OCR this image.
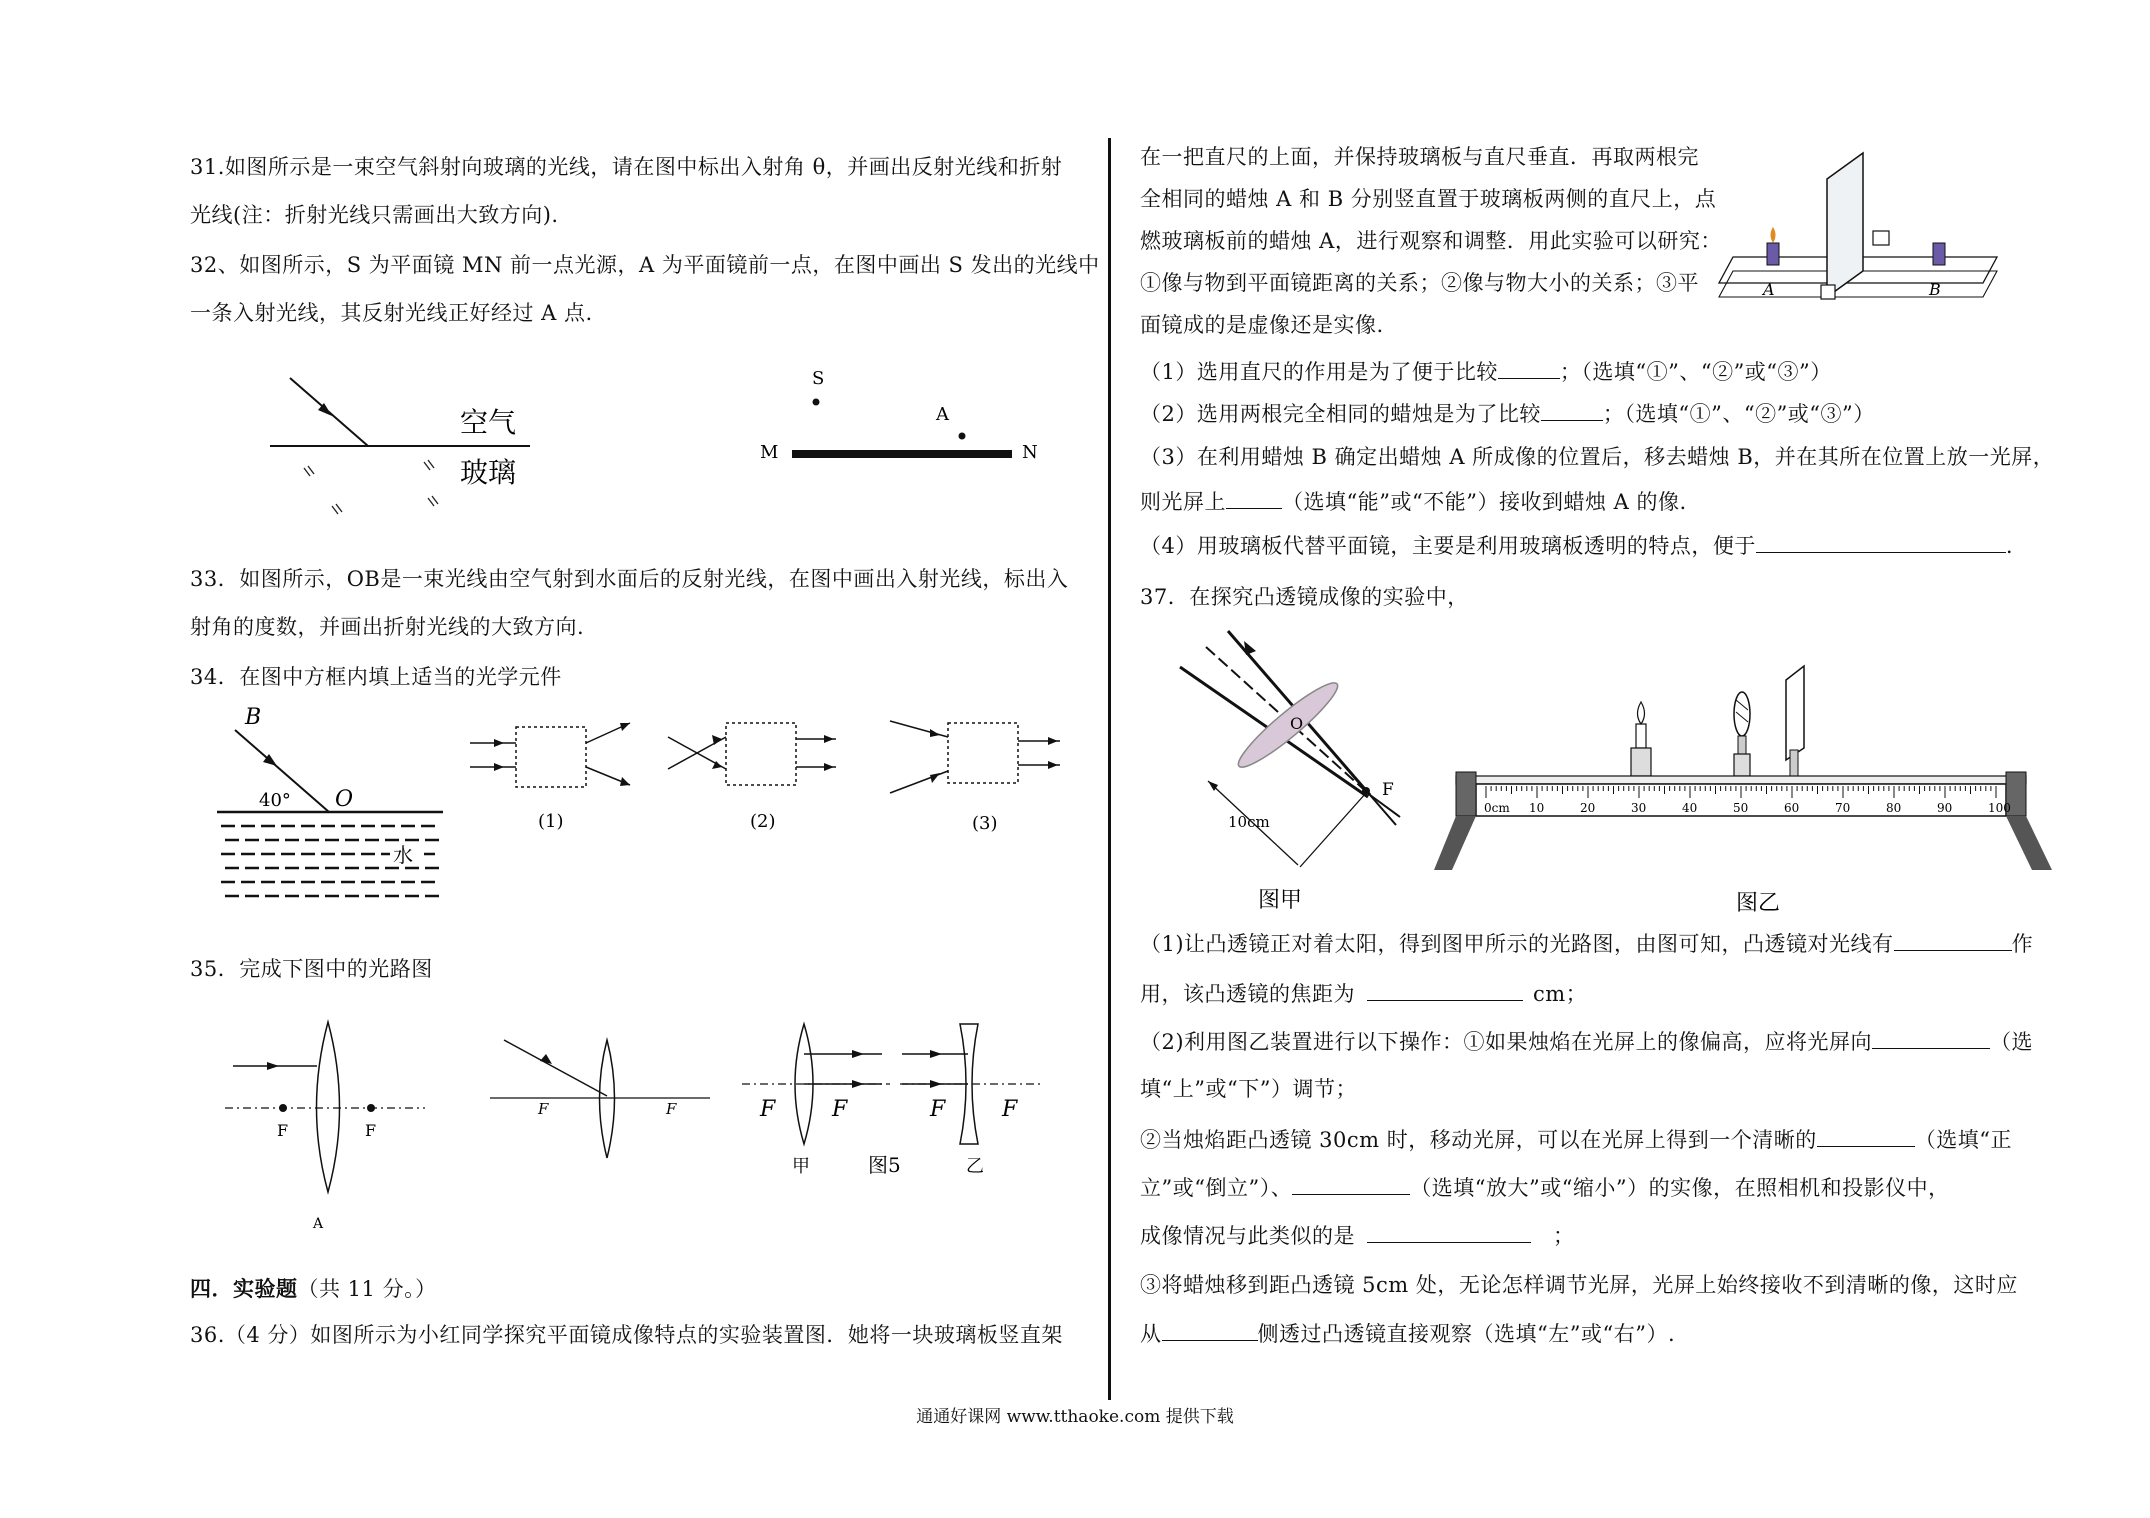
31.如图所示是一束空气斜射向玻璃的光线，请在图中标出入射角 θ，并画出反射光线和折射
光线(注：折射光线只需画出大致方向).
32、如图所示，S 为平面镜 MN 前一点光源，A 为平面镜前一点，在图中画出 S 发出的光线中
一条入射光线，其反射光线正好经过 A 点.
空气
玻璃
S
A
M	N
33．如图所示，OB是一束光线由空气射到水面后的反射光线，在图中画出入射光线，标出入
射角的度数，并画出折射光线的大致方向.
34．在图中方框内填上适当的光学元件
B
40° O
水
(1)	(2)	(3)
35．完成下图中的光路图
F	F
A
F	F	F	F
甲	图5
F	F
乙
四．实验题（共 11 分。）
36.（4 分）如图所示为小红同学探究平面镜成像特点的实验装置图．她将一块玻璃板竖直架
在一把直尺的上面，并保持玻璃板与直尺垂直．再取两根完
全相同的蜡烛 A 和 B 分别竖直置于玻璃板两侧的直尺上，点
燃玻璃板前的蜡烛 A，进行观察和调整．用此实验可以研究：
①像与物到平面镜距离的关系；②像与物大小的关系；③平
面镜成的是虚像还是实像.
A	B
（1）选用直尺的作用是为了便于比较	；（选填“①”、“②”或“③”）
（2）选用两根完全相同的蜡烛是为了比较	；（选填“①”、“②”或“③”）
（3）在利用蜡烛 B 确定出蜡烛 A 所成像的位置后，移去蜡烛 B，并在其所在位置上放一光屏，
则光屏上	（选填“能”或“不能”）接收到蜡烛 A 的像.
（4）用玻璃板代替平面镜，主要是利用玻璃板透明的特点，便于	.
37．在探究凸透镜成像的实验中，
O
F
10cm
图甲
0cm 10	20	30	40	50	60	70	80	90	100
图乙
（1)让凸透镜正对着太阳，得到图甲所示的光路图，由图可知，凸透镜对光线有	作
用，该凸透镜的焦距为	cm；
（2)利用图乙装置进行以下操作：①如果烛焰在光屏上的像偏高，应将光屏向	（选
填“上”或“下”）调节；
②当烛焰距凸透镜 30cm 时，移动光屏，可以在光屏上得到一个清晰的	（选填“正
立”或“倒立”）、	（选填“放大”或“缩小”）的实像，在照相机和投影仪中，
成像情况与此类似的是	；
③将蜡烛移到距凸透镜 5cm 处，无论怎样调节光屏，光屏上始终接收不到清晰的像，这时应
从	侧透过凸透镜直接观察（选填“左”或“右”）.
通通好课网 www.tthaoke.com 提供下载
